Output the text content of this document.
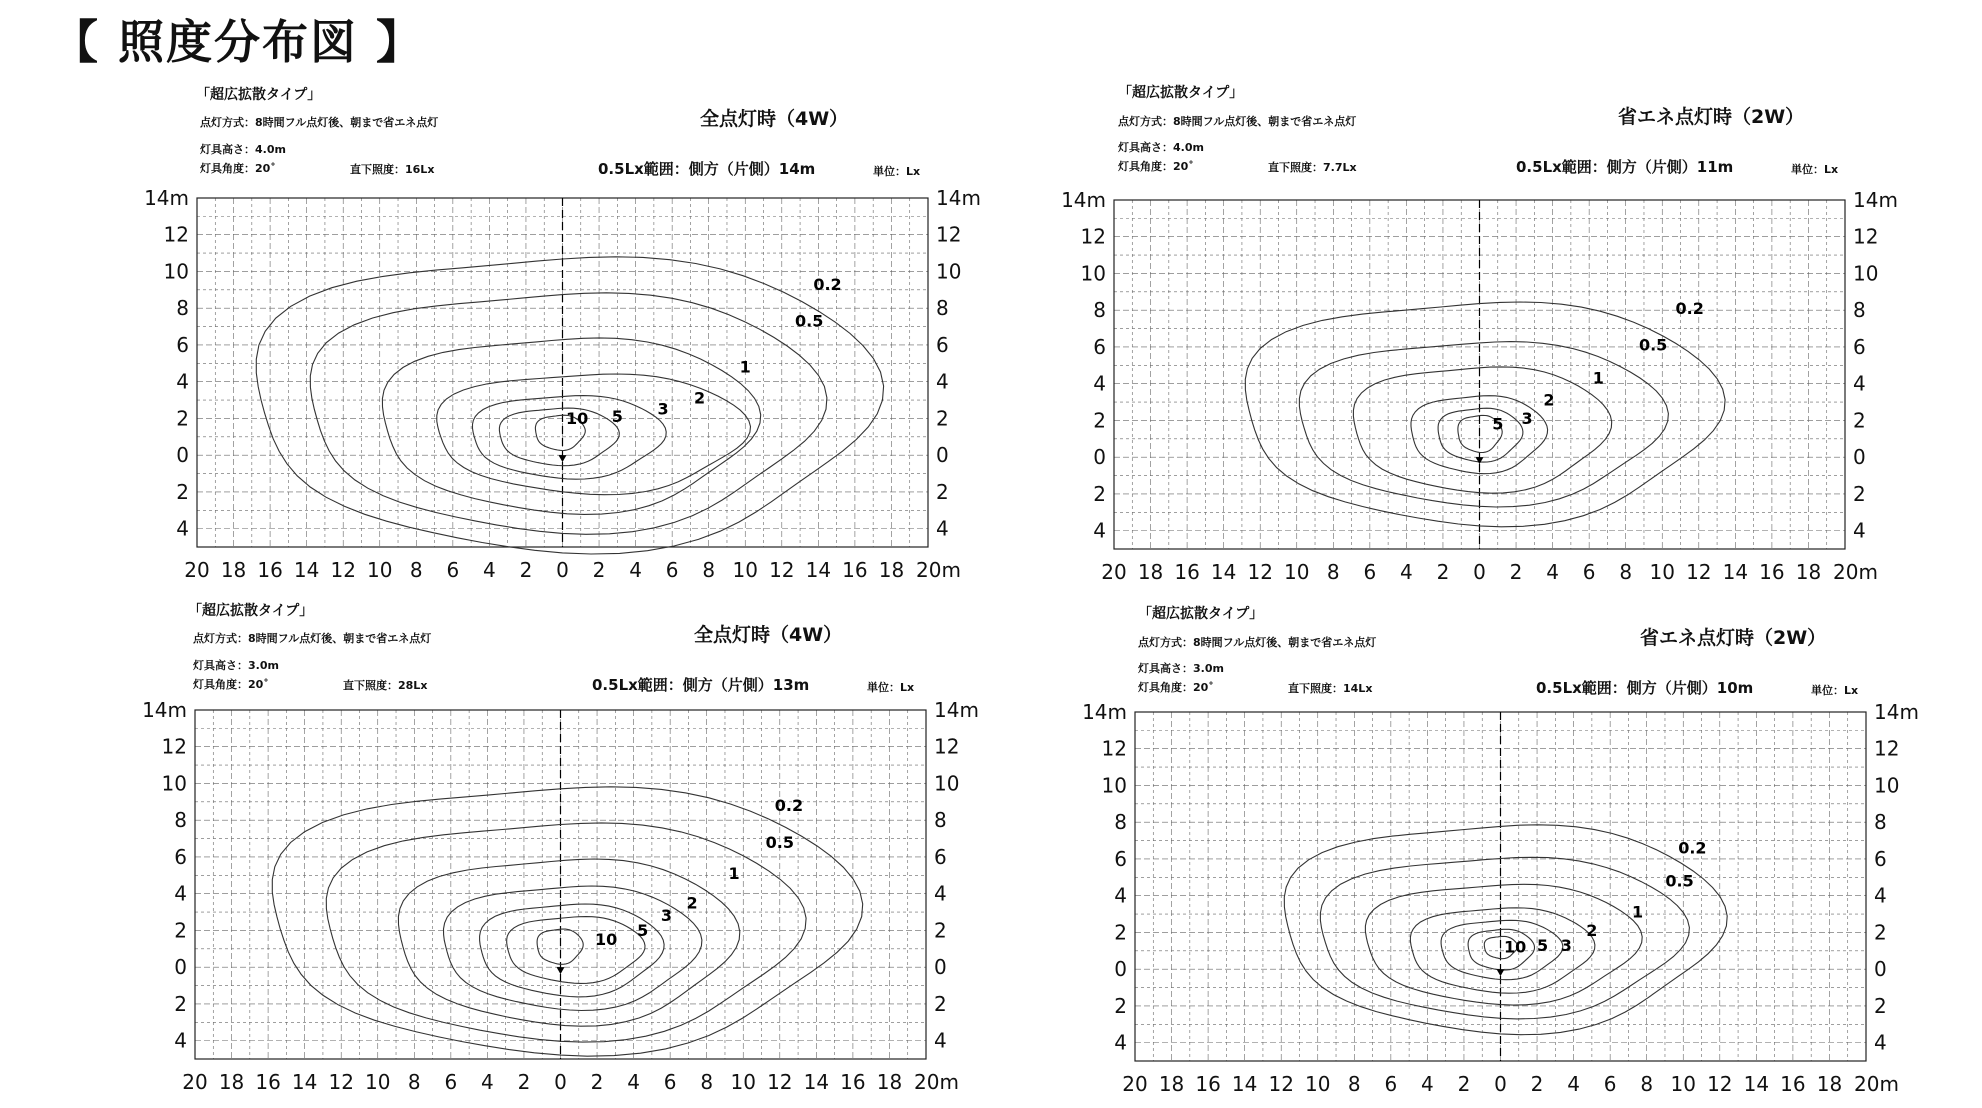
【 照度分布図 】
「超広拡散タイプ」
点灯方式：8時間フル点灯後、朝まで省エネ点灯
灯具高さ：4.0m
灯具角度：20˚	直下照度：16Lx
全点灯時（4W）
0.5Lx範囲：側方（片側）14m	単位：Lx
「超広拡散タイプ」
点灯方式：8時間フル点灯後、朝まで省エネ点灯
灯具高さ：4.0m
灯具角度：20˚	直下照度：7.7Lx
省エネ点灯時（2W）
0.5Lx範囲：側方（片側）11m	単位：Lx
「超広拡散タイプ」
点灯方式：8時間フル点灯後、朝まで省エネ点灯
灯具高さ：3.0m
灯具角度：20˚	直下照度：28Lx
全点灯時（4W）
0.5Lx範囲：側方（片側）13m	単位：Lx
「超広拡散タイプ」
点灯方式：8時間フル点灯後、朝まで省エネ点灯
灯具高さ：3.0m
灯具角度：20˚	直下照度：14Lx
省エネ点灯時（2W）
0.5Lx範囲：側方（片側）10m	単位：Lx
20 18 16 14 12 10 8 6 4 2 0 2 4 6 8 10 12 14 16 18 20m
14m	14m
12	12
10	10
8	8
6	6
4	4
2	2
0	0
2	2
4	4
1
2
3
5
10
0.2
0.5
20 18 16 14 12 10 8 6 4 2 0 2 4 6 8 10 12 14 16 18 20m
14m	14m
12	12
10	10
8	8
6	6
4	4
2	2
0	0
2	2
4	4
1
2
3
5
0.2
0.5
20 18 16 14 12 10 8 6 4 2 0 2 4 6 8 10 12 14 16 18 20m
14m	14m
12	12
10	10
8	8
6	6
4	4
2	2
0	0
2	2
4	4
1
2
3
5
10
0.2
0.5
20 18 16 14 12 10 8 6 4 2 0 2 4 6 8 10 12 14 16 18 20m
14m	14m
12	12
10	10
8	8
6	6
4	4
2	2
0	0
2	2
4	4
1
2
3
5
10
0.2
0.5
